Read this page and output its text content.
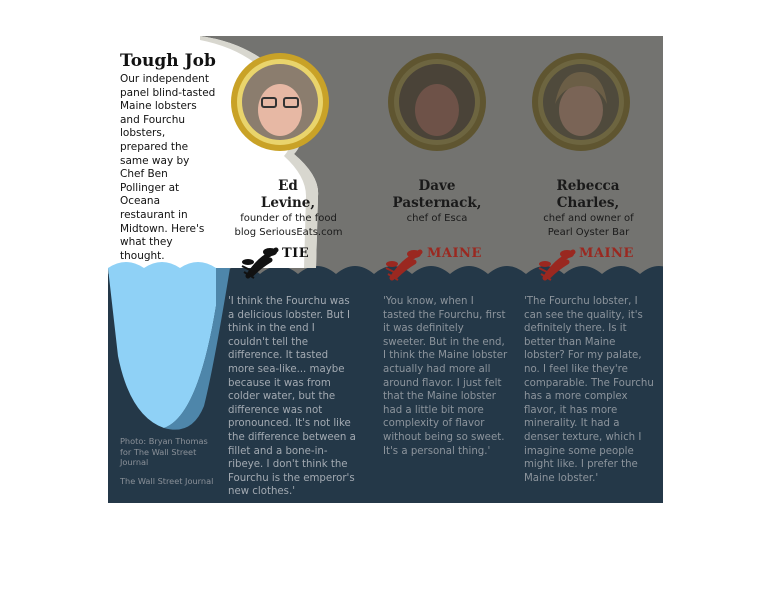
Tough Job
Our independent panel blind-tasted Maine lobsters and Fourchu lobsters, prepared the same way by Chef Ben Pollinger at Oceana restaurant in Midtown. Here's what they thought.
Ed
Levine,
founder of the food
blog SeriousEats.com
TIE
'I think the Fourchu was a delicious lobster. But I think in the end I couldn't tell the difference. It tasted more sea-like... maybe because it was from colder water, but the difference was not pronounced. It's not like the difference between a fillet and a bone-in-ribeye. I don't think the Fourchu is the emperor's new clothes.'
Dave
Pasternack,
chef of Esca
MAINE
'You know, when I tasted the Fourchu, first it was definitely sweeter. But in the end, I think the Maine lobster actually had more all around flavor. I just felt that the Maine lobster had a little bit more complexity of flavor without being so sweet. It's a personal thing.'
Rebecca
Charles,
chef and owner of
Pearl Oyster Bar
MAINE
'The Fourchu lobster, I can see the quality, it's definitely there. Is it better than Maine lobster? For my palate, no. I feel like they're comparable. The Fourchu has a more complex flavor, it has more minerality. It had a denser texture, which I imagine some people might like. I prefer the Maine lobster.'
Photo: Bryan Thomas for The Wall Street Journal
The Wall Street Journal
